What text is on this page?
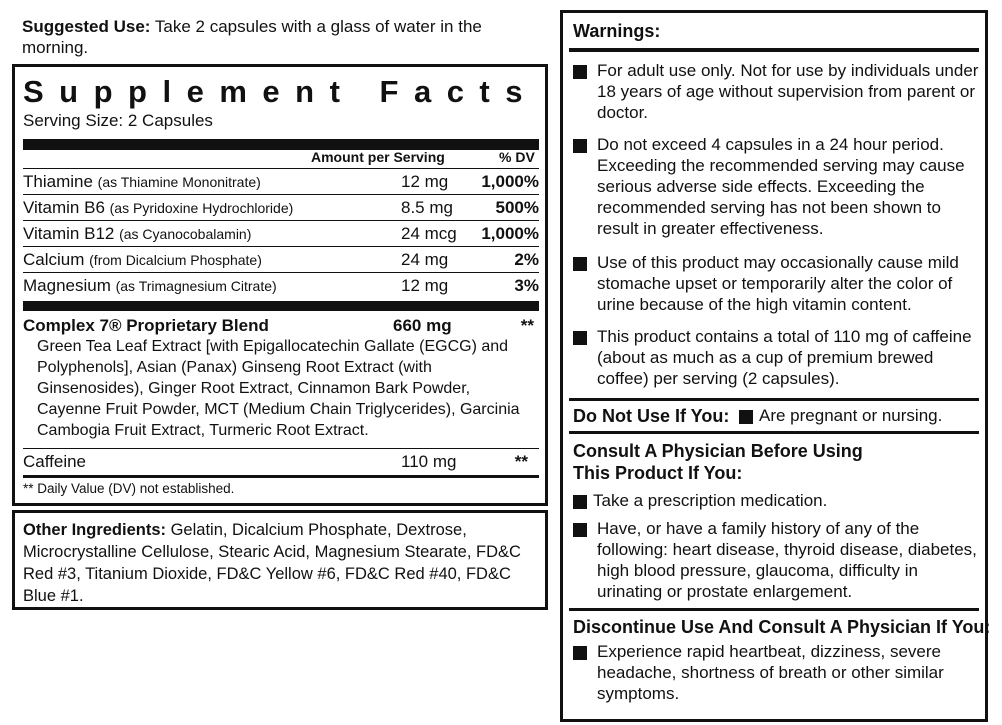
Suggested Use: Take 2 capsules with a glass of water in the morning.
Supplement Facts
Serving Size: 2 Capsules
Amount per Serving	% DV
Thiamine (as Thiamine Mononitrate)	12 mg 1,000%
Vitamin B6 (as Pyridoxine Hydrochloride)	8.5 mg	500%
Vitamin B12 (as Cyanocobalamin)	24 mcg 1,000%
Calcium (from Dicalcium Phosphate)	24 mg	2%
Magnesium (as Trimagnesium Citrate)	12 mg	3%
Complex 7® Proprietary Blend	660 mg	**
Green Tea Leaf Extract [with Epigallocatechin Gallate (EGCG) and Polyphenols], Asian (Panax) Ginseng Root Extract (with Ginsenosides), Ginger Root Extract, Cinnamon Bark Powder, Cayenne Fruit Powder, MCT (Medium Chain Triglycerides), Garcinia Cambogia Fruit Extract, Turmeric Root Extract.
Caffeine	110 mg	**
** Daily Value (DV) not established.
Other Ingredients: Gelatin, Dicalcium Phosphate, Dextrose, Microcrystalline Cellulose, Stearic Acid, Magnesium Stearate, FD&C Red #3, Titanium Dioxide, FD&C Yellow #6, FD&C Red #40, FD&C Blue #1.
Warnings:
For adult use only. Not for use by individuals under 18 years of age without supervision from parent or doctor.
Do not exceed 4 capsules in a 24 hour period. Exceeding the recommended serving may cause serious adverse side effects. Exceeding the recommended serving has not been shown to result in greater effectiveness.
Use of this product may occasionally cause mild stomache upset or temporarily alter the color of urine because of the high vitamin content.
This product contains a total of 110 mg of caffeine (about as much as a cup of premium brewed coffee) per serving (2 capsules).
Do Not Use If You: Are pregnant or nursing.
Consult A Physician Before Using
This Product If You:
Take a prescription medication.
Have, or have a family history of any of the following: heart disease, thyroid disease, diabetes, high blood pressure, glaucoma, difficulty in urinating or prostate enlargement.
Discontinue Use And Consult A Physician If You:
Experience rapid heartbeat, dizziness, severe headache, shortness of breath or other similar symptoms.
